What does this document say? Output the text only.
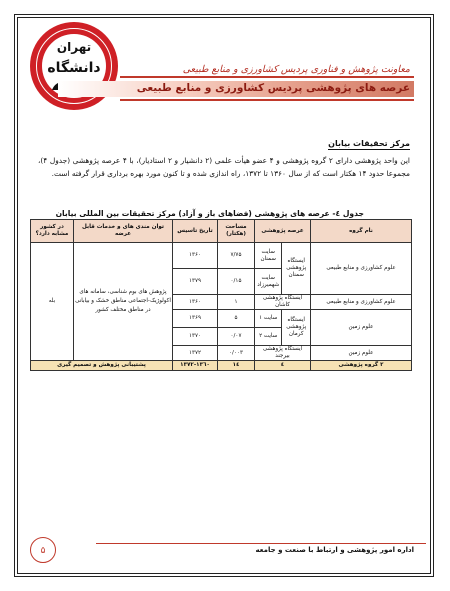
تهران
دانشگاه	معاونت پژوهش و فناوری پردیس کشاورزی و منابع طبیعی
عرصه های پژوهشی پردیس کشاورزی و منابع طبیعی
مرکز تحقیقات بیابان
این واحد پژوهشی دارای ۲ گروه پژوهشی و ۴ عضو هیأت علمی (۲ دانشیار و ۲ استادیار)، با ۴ عرصه پژوهشی (جدول ۴)، مجموعا حدود ۱۴ هکتار است که از سال ۱۳۶۰ تا ۱۳۷۲، راه اندازی شده و تا کنون مورد بهره برداری قرار گرفته است.
جدول ٤- عرصه های پژوهشی (فضاهای باز و آزاد) مرکز تحقیقات بین المللی بیابان
نام گروه	عرصه پژوهشی		مساحت (هکتار)	تاریخ تاسیس	توان مندی های و خدمات قابل عرضه	در کشور مشابه دارد؟
علوم کشاورزی و منابع طبیعی	ایستگاه پژوهشی سمنان	سایت سمنان	۷/۷۵	۱۳۶۰	پژوهش های بوم شناسی، سامانه های اکولوژیک-اجتماعی مناطق خشک و بیابانی در مناطق مختلف کشور	بله
		سایت شهمیرزاد	۰/۱۵	۱۳۷۹		
علوم کشاورزی و منابع طبیعی	ایستگاه پژوهشی کاشان		۱	۱۳۶۰		
علوم زمین	ایستگاه پژوهشی کرمان	سایت ۱	۵	۱۳۶۹		
		سایت ۲	۰/۰۷	۱۳۷۰		
علوم زمین	ایستگاه پژوهشی بیرجند		۰/۰۰۳	۱۳۷۲		
۲ گروه پژوهشی	٤		١٤	١٣٦٠-١٣٧٢	پشتیبانی پژوهش و تصمیم گیری	
اداره امور پژوهشی و ارتباط با صنعت و جامعه
۵
